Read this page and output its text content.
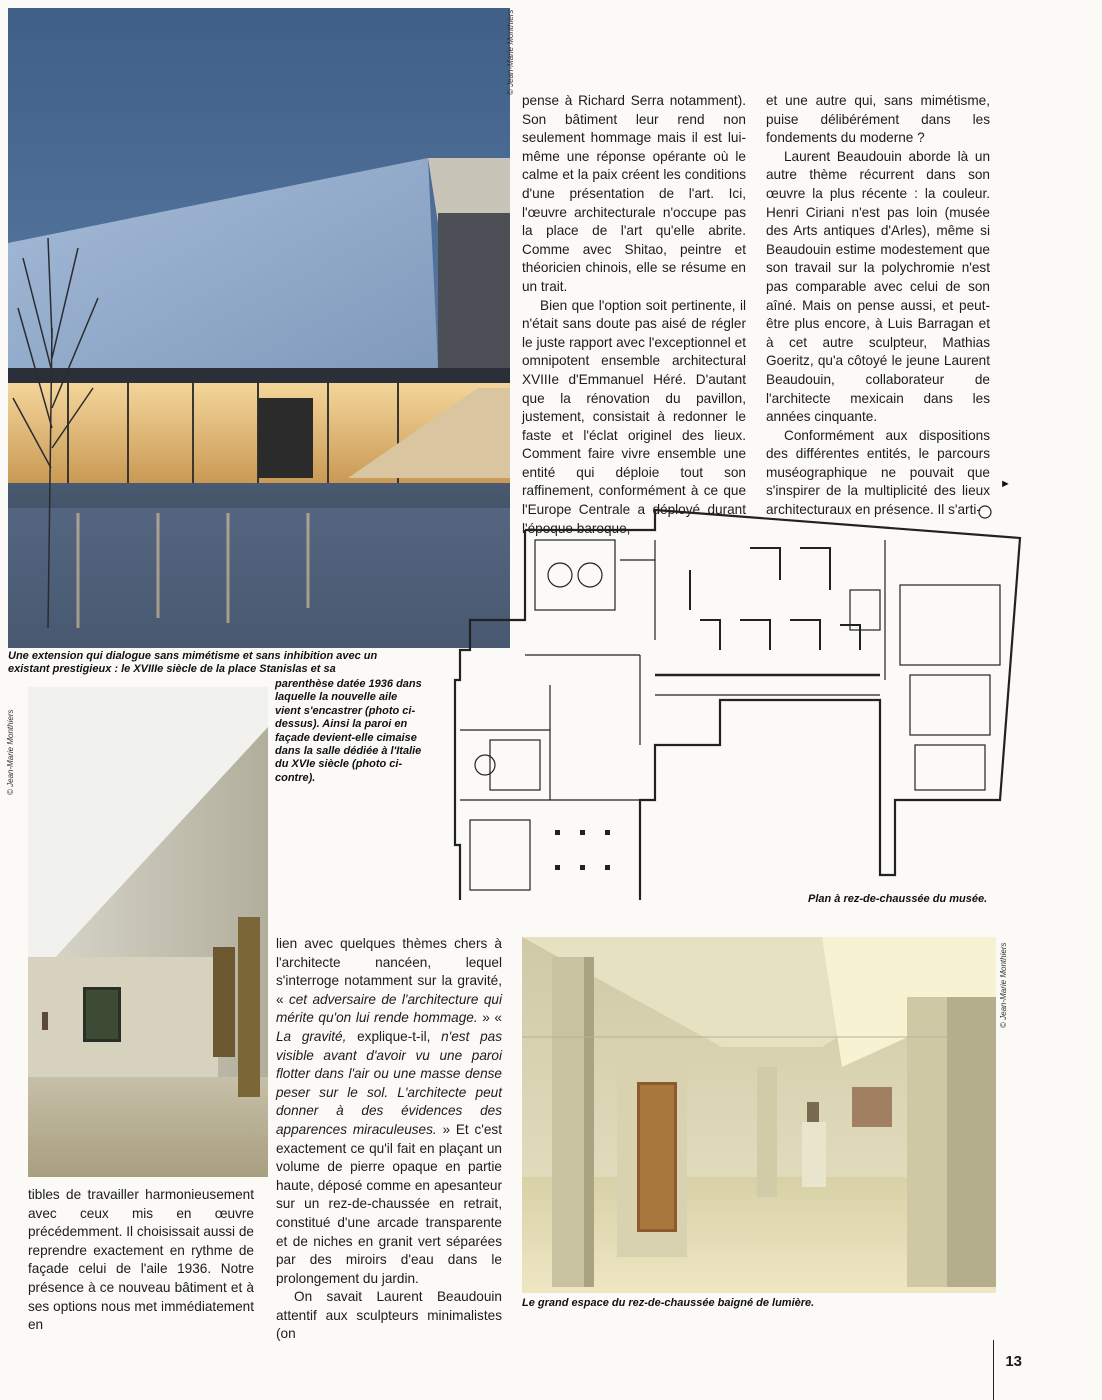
© Jean-Marie Monthiers
Une extension qui dialogue sans mimétisme et sans inhibition avec un existant prestigieux : le XVIIIe siècle de la place Stanislas et sa
parenthèse datée 1936 dans laquelle la nouvelle aile vient s'encastrer (photo ci-dessus). Ainsi la paroi en façade devient-elle cimaise dans la salle dédiée à l'Italie du XVIe siècle (photo ci-contre).
© Jean-Marie Monthiers

pense à Richard Serra notamment). Son bâtiment leur rend non seulement hommage mais il est lui-même une réponse opérante où le calme et la paix créent les conditions d'une présentation de l'art. Ici, l'œuvre architecturale n'occupe pas la place de l'art qu'elle abrite. Comme avec Shitao, peintre et théoricien chinois, elle se résume en un trait.

Bien que l'option soit pertinente, il n'était sans doute pas aisé de régler le juste rapport avec l'exceptionnel et omnipotent ensemble architectural XVIIIe d'Emmanuel Héré. D'autant que la rénovation du pavillon, justement, consistait à redonner le faste et l'éclat originel des lieux. Comment faire vivre ensemble une entité qui déploie tout son raffinement, conformément à ce que l'Europe Centrale a déployé durant l'époque baroque,

et une autre qui, sans mimétisme, puise délibérément dans les fondements du moderne ?

Laurent Beaudouin aborde là un autre thème récurrent dans son œuvre la plus récente : la couleur. Henri Ciriani n'est pas loin (musée des Arts antiques d'Arles), même si Beaudouin estime modestement que son travail sur la polychromie n'est pas comparable avec celui de son aîné. Mais on pense aussi, et peut-être plus encore, à Luis Barragan et à cet autre sculpteur, Mathias Goeritz, qu'a côtoyé le jeune Laurent Beaudouin, collaborateur de l'architecte mexicain dans les années cinquante.

Conformément aux dispositions des différentes entités, le parcours muséographique ne pouvait que s'inspirer de la multiplicité des lieux architecturaux en présence. Il s'arti-

►
Plan à rez-de-chaussée du musée.

tibles de travailler harmonieusement avec ceux mis en œuvre précédemment. Il choisissait aussi de reprendre exactement en rythme de façade celui de l'aile 1936. Notre présence à ce nouveau bâtiment et à ses options nous met immédiatement en

lien avec quelques thèmes chers à l'architecte nancéen, lequel s'interroge notamment sur la gravité, « cet adversaire de l'architecture qui mérite qu'on lui rende hommage. » « La gravité, explique-t-il, n'est pas visible avant d'avoir vu une paroi flotter dans l'air ou une masse dense peser sur le sol. L'architecte peut donner à des évidences des apparences miraculeuses. » Et c'est exactement ce qu'il fait en plaçant un volume de pierre opaque en partie haute, déposé comme en apesanteur sur un rez-de-chaussée en retrait, constitué d'une arcade transparente et de niches en granit vert séparées par des miroirs d'eau dans le prolongement du jardin.

On savait Laurent Beaudouin attentif aux sculpteurs minimalistes (on

© Jean-Marie Monthiers
Le grand espace du rez-de-chaussée baigné de lumière.
13
